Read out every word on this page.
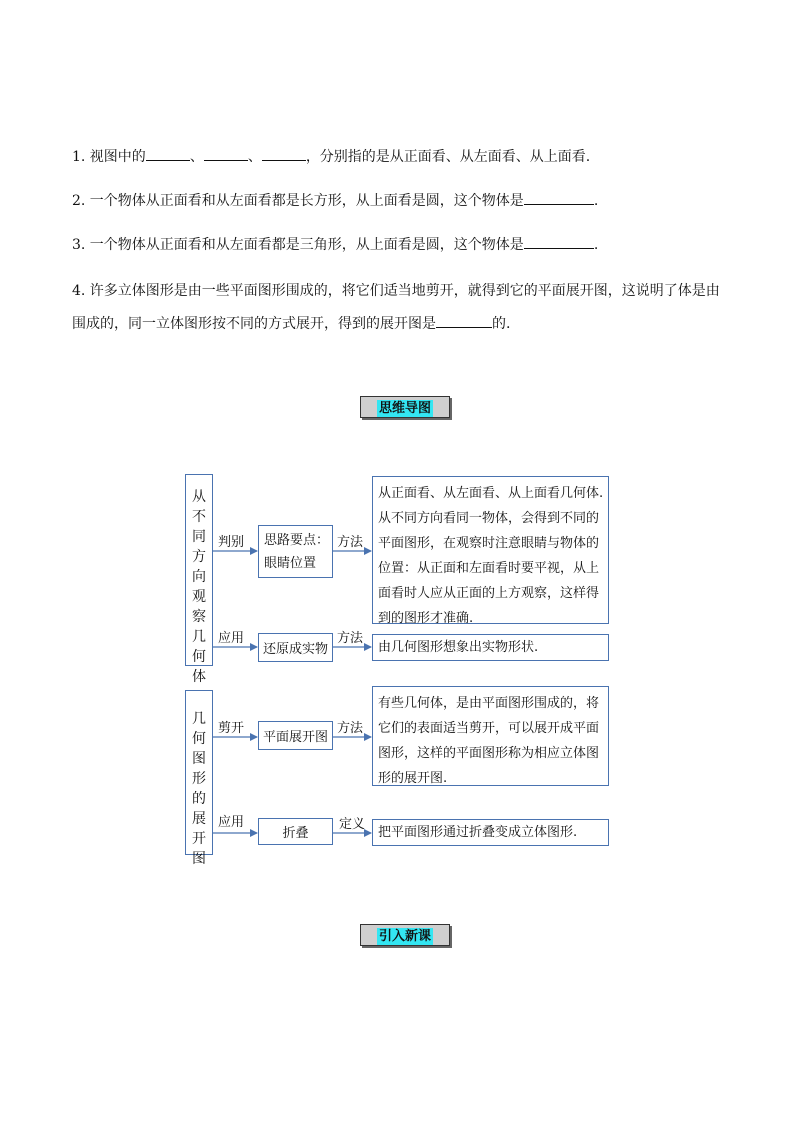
1. 视图中的	、	、	，分别指的是从正面看、从左面看、从上面看.
2. 一个物体从正面看和从左面看都是长方形，从上面看是圆，这个物体是	.
3. 一个物体从正面看和从左面看都是三角形，从上面看是圆，这个物体是	.
4. 许多立体图形是由一些平面图形围成的，将它们适当地剪开，就得到它的平面展开图，这说明了体是由围成的，同一立体图形按不同的方式展开，得到的展开图是	的.
思维导图
从不同方向观察几何体
判别 思路要点：
眼睛位置
方法
从正面看、从左面看、从上面看几何体.从不同方向看同一物体，会得到不同的平面图形，在观察时注意眼睛与物体的位置：从正面和左面看时要平视，从上面看时人应从正面的上方观察，这样得到的图形才准确.
应用
还原成实物
方法
由几何图形想象出实物形状.
几何图形的展开图
剪开
平面展开图
方法
有些几何体，是由平面图形围成的，将它们的表面适当剪开，可以展开成平面图形，这样的平面图形称为相应立体图形的展开图.
应用
折叠
定义
把平面图形通过折叠变成立体图形.
引入新课
